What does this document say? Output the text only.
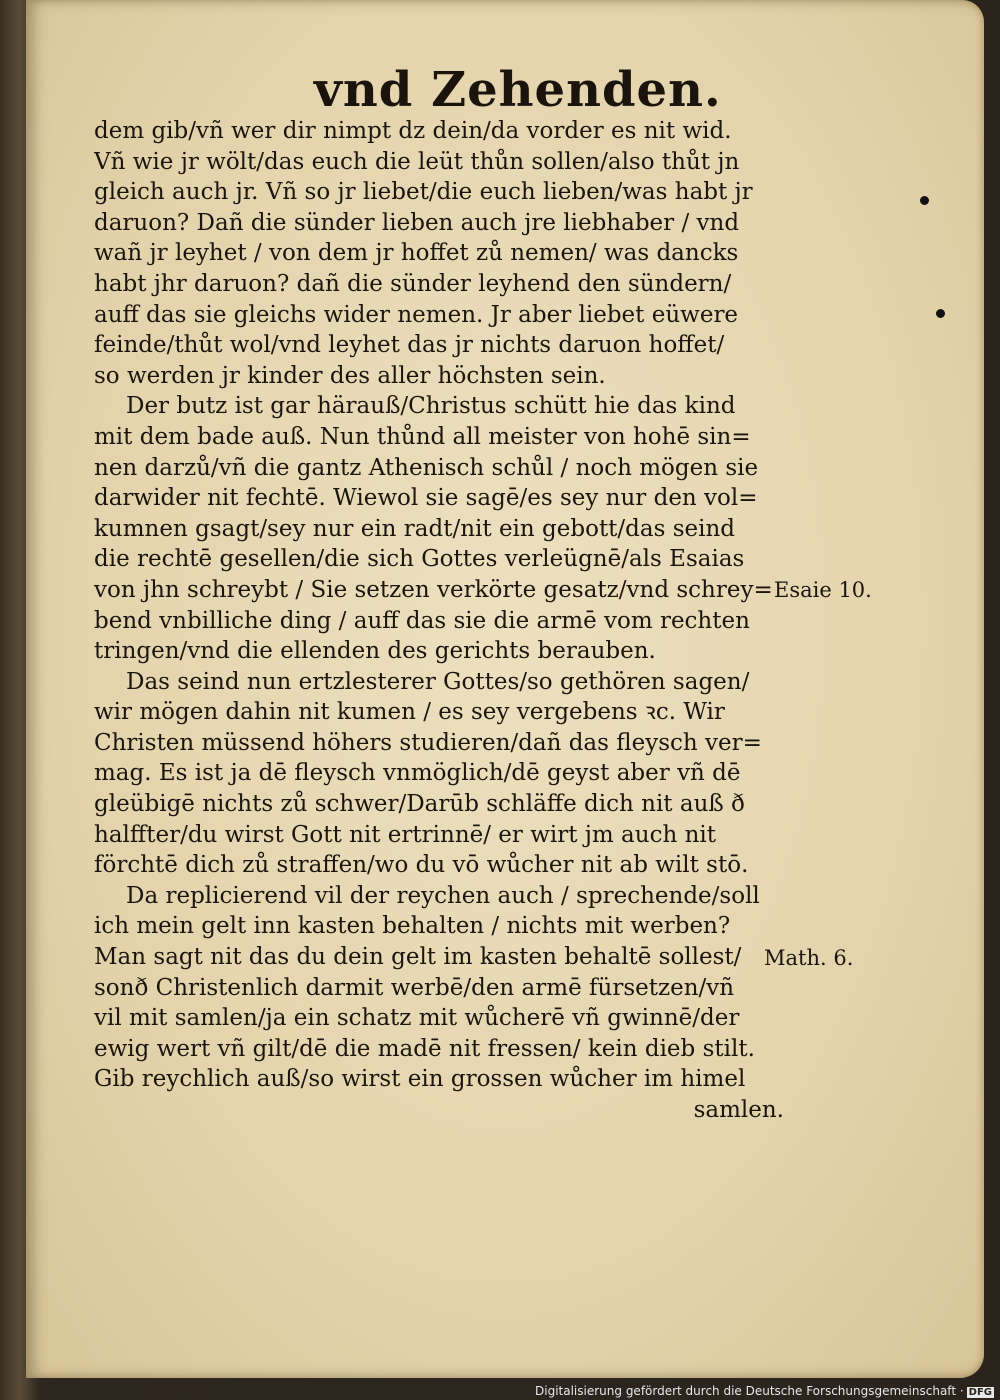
vnd Zehenden.
dem gib/vñ wer dir nimpt dz dein/da vorder es nit wid.
Vñ wie jr wölt/das euch die leüt thůn sollen/also thůt jn
gleich auch jr. Vñ so jr liebet/die euch lieben/was habt jr
daruon? Dañ die sünder lieben auch jre liebhaber / vnd
wañ jr leyhet / von dem jr hoffet zů nemen/ was dancks
habt jhr daruon? dañ die sünder leyhend den sündern/
auff das sie gleichs wider nemen. Jr aber liebet eüwere
feinde/thůt wol/vnd leyhet das jr nichts daruon hoffet/
so werden jr kinder des aller höchsten sein.
Der butz ist gar härauß/Christus schütt hie das kind
mit dem bade auß. Nun thůnd all meister von hohē sin=
nen darzů/vñ die gantz Athenisch schůl / noch mögen sie
darwider nit fechtē. Wiewol sie sagē/es sey nur den vol=
kumnen gsagt/sey nur ein radt/nit ein gebott/das seind
die rechtē gesellen/die sich Gottes verleügnē/als Esaias
von jhn schreybt / Sie setzen verkörte gesatz/vnd schrey=
bend vnbilliche ding / auff das sie die armē vom rechten
tringen/vnd die ellenden des gerichts berauben.
Das seind nun ertzlesterer Gottes/so gethören sagen/
wir mögen dahin nit kumen / es sey vergebens ꝛc. Wir
Christen müssend höhers studieren/dañ das fleysch ver=
mag. Es ist ja dē fleysch vnmöglich/dē geyst aber vñ dē
gleübigē nichts zů schwer/Darūb schläffe dich nit auß ð
halffter/du wirst Gott nit ertrinnē/ er wirt jm auch nit
förchtē dich zů straffen/wo du vō wůcher nit ab wilt stō.
Da replicierend vil der reychen auch / sprechende/soll
ich mein gelt inn kasten behalten / nichts mit werben?
Man sagt nit das du dein gelt im kasten behaltē sollest/
sonð Christenlich darmit werbē/den armē fürsetzen/vñ
vil mit samlen/ja ein schatz mit wůcherē vñ gwinnē/der
ewig wert vñ gilt/dē die madē nit fressen/ kein dieb stilt.
Gib reychlich auß/so wirst ein grossen wůcher im himel
samlen.
Esaie 10.
Math. 6.
Digitalisierung gefördert durch die Deutsche Forschungsgemeinschaft · DFG
